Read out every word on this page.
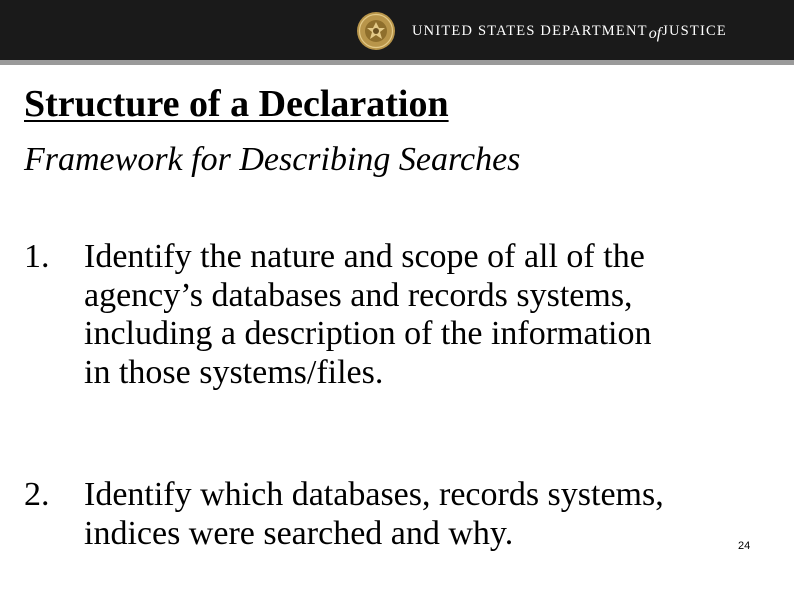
UNITED STATES DEPARTMENTofJUSTICE
Structure of a Declaration
Framework for Describing Searches
1. Identify the nature and scope of all of the
agency’s databases and records systems,
including a description of the information
in those systems/files.
2. Identify which databases, records systems,
indices were searched and why.	24
